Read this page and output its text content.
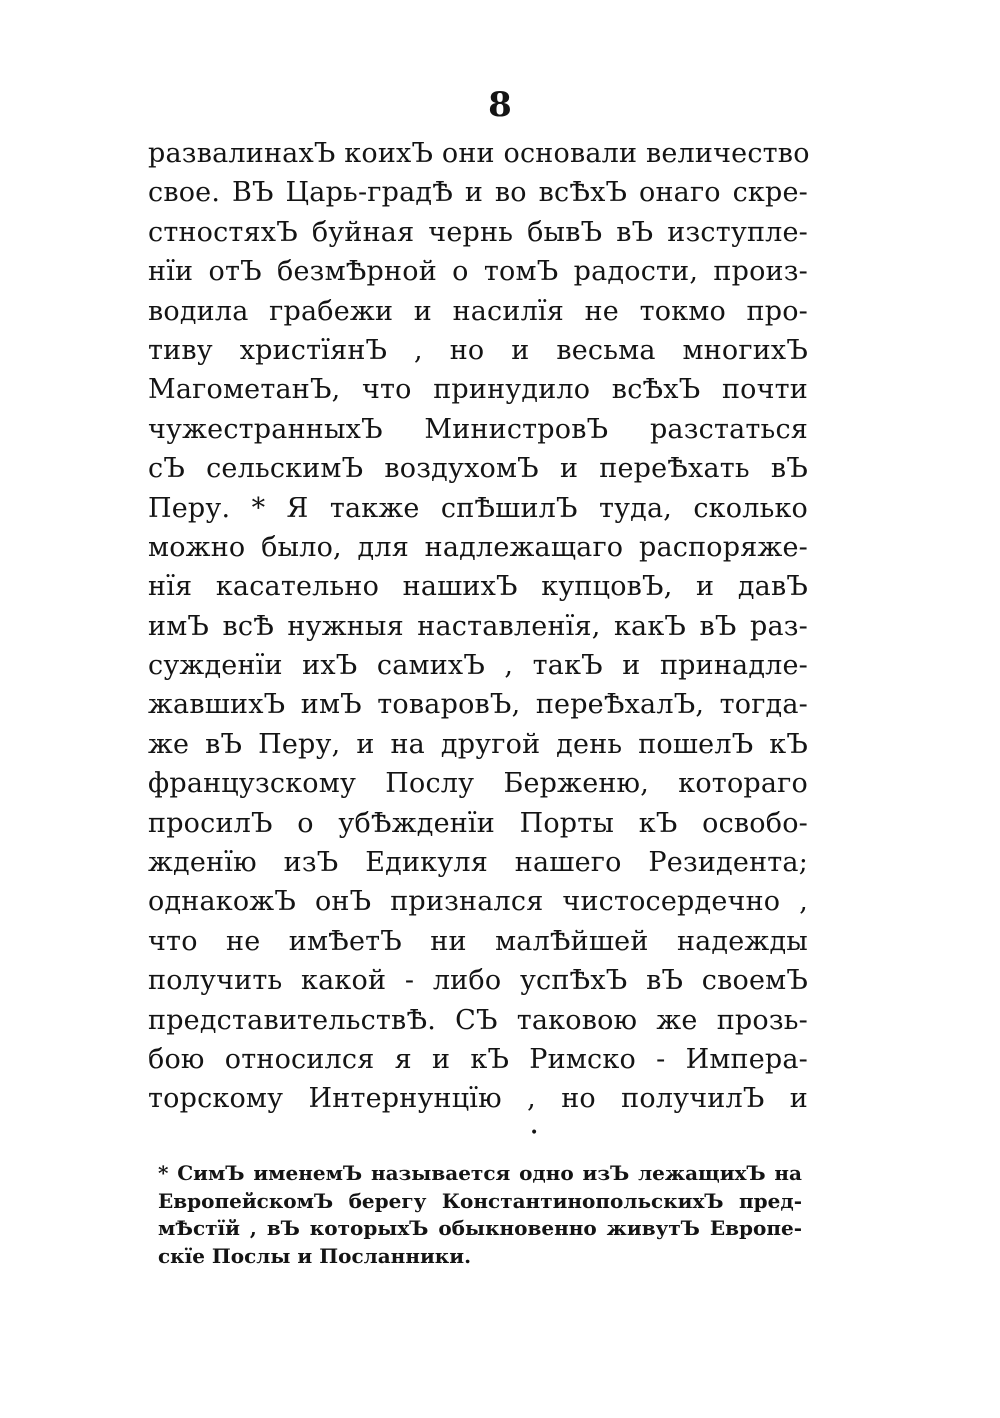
8
развалинахЪ коихЪ они основали величество
свое. ВЪ Царь-градѢ и во всѢхЪ онаго скре-
стностяхЪ буйная чернь бывЪ вЪ изступле-
нїи отЪ безмѢрной о томЪ радости, произ-
водила грабежи и насилїя не токмо про-
тиву христїянЪ , но и весьма многихЪ
МагометанЪ, что принудило всѢхЪ почти
чужестранныхЪ МинистровЪ разстаться
сЪ сельскимЪ воздухомЪ и перeѢхать вЪ
Перу. * Я также спѢшилЪ туда, сколько
можно было, для надлежащаго распоряже-
нїя касательно нашихЪ купцовЪ, и давЪ
имЪ всѢ нужныя наставленїя, какЪ вЪ раз-
сужденїи ихЪ самихЪ , такЪ и принадле-
жавшихЪ имЪ товаровЪ, перeѢхалЪ, тогда-
же вЪ Перу, и на другой день пошелЪ кЪ
французскому Послу Берженю, котораго
просилЪ о убѢжденїи Порты кЪ освобо-
жденїю изЪ Едикуля нашего Резидента;
однакожЪ онЪ признался чистосердечно ,
что не имѢетЪ ни малѢйшей надежды
получить какой - либо успѢхЪ вЪ своемЪ
представительствѢ. СЪ таковою же прозь-
бою относился я и кЪ Римско - Импера-
торскому Интернунцїю , но получилЪ и
•
* СимЪ именемЪ называется одно изЪ лежащихЪ на
ЕвропейскомЪ берегу КонстантинопольскихЪ пред-
мѢстїй , вЪ которыхЪ обыкновенно живутЪ Европе-
скїе Послы и Посланники.
